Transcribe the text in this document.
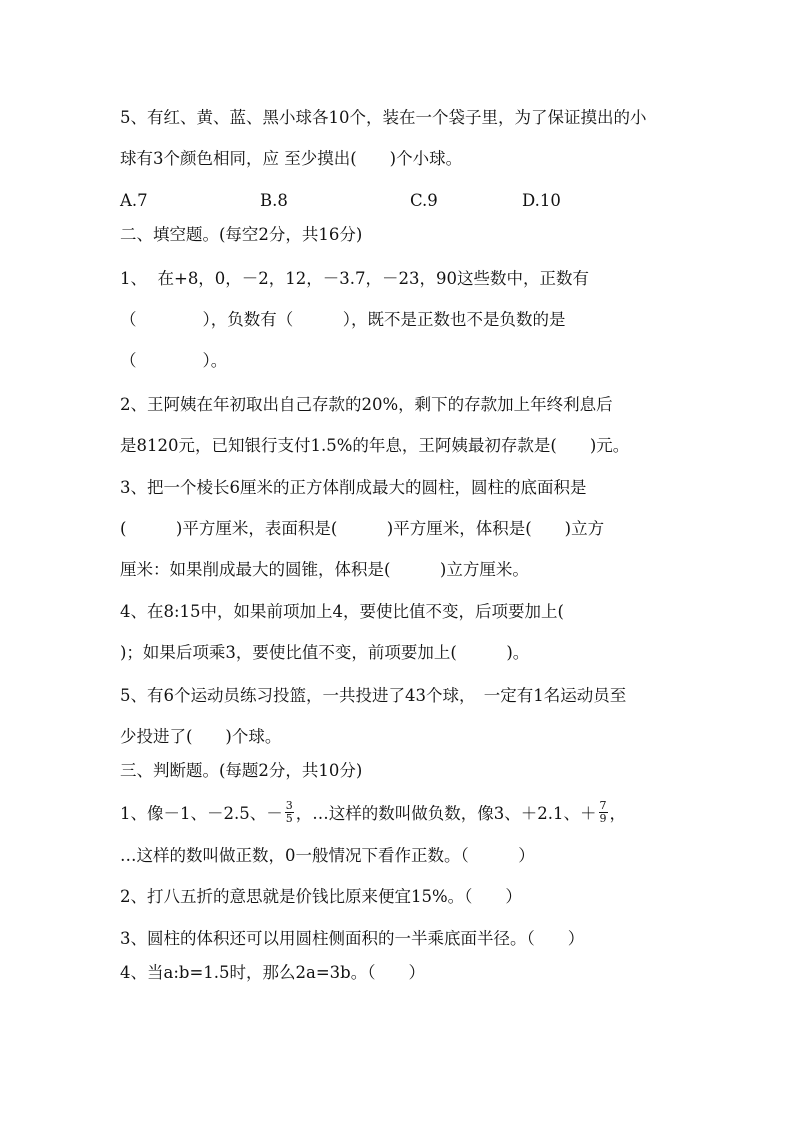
5、有红、黄、蓝、黑小球各10个，装在一个袋子里，为了保证摸出的小
球有3个颜色相同，应 至少摸出(　　)个小球。
A.7	B.8	C.9	D.10
二、填空题。(每空2分，共16分)
1、  在+8，0，－2，12，－3.7，－23，90这些数中，正数有
（　　　　），负数有（　　　），既不是正数也不是负数的是
（　　　　）。
2、王阿姨在年初取出自己存款的20%，剩下的存款加上年终利息后
是8120元，已知银行支付1.5%的年息，王阿姨最初存款是(　　)元。
3、把一个棱长6厘米的正方体削成最大的圆柱，圆柱的底面积是
(　　　)平方厘米，表面积是(　　　)平方厘米，体积是(　　)立方
厘米：如果削成最大的圆锥，体积是(　　　)立方厘米。
4、在8:15中，如果前项加上4，要使比值不变，后项要加上(
)；如果后项乘3，要使比值不变，前项要加上(　　　)。
5、有6个运动员练习投篮，一共投进了43个球，　一定有1名运动员至
少投进了(　　)个球。
三、判断题。(每题2分，共10分)
1、像－1、－2.5、－ $\frac{3}{5}$ ，…这样的数叫做负数，像3、＋2.1、＋ $\frac{7}{9}$ ，
…这样的数叫做正数，0一般情况下看作正数。（　　　）
2、打八五折的意思就是价钱比原来便宜15%。（　　）
3、圆柱的体积还可以用圆柱侧面积的一半乘底面半径。（　　）
4、当a:b=1.5时，那么2a=3b。（　　）
